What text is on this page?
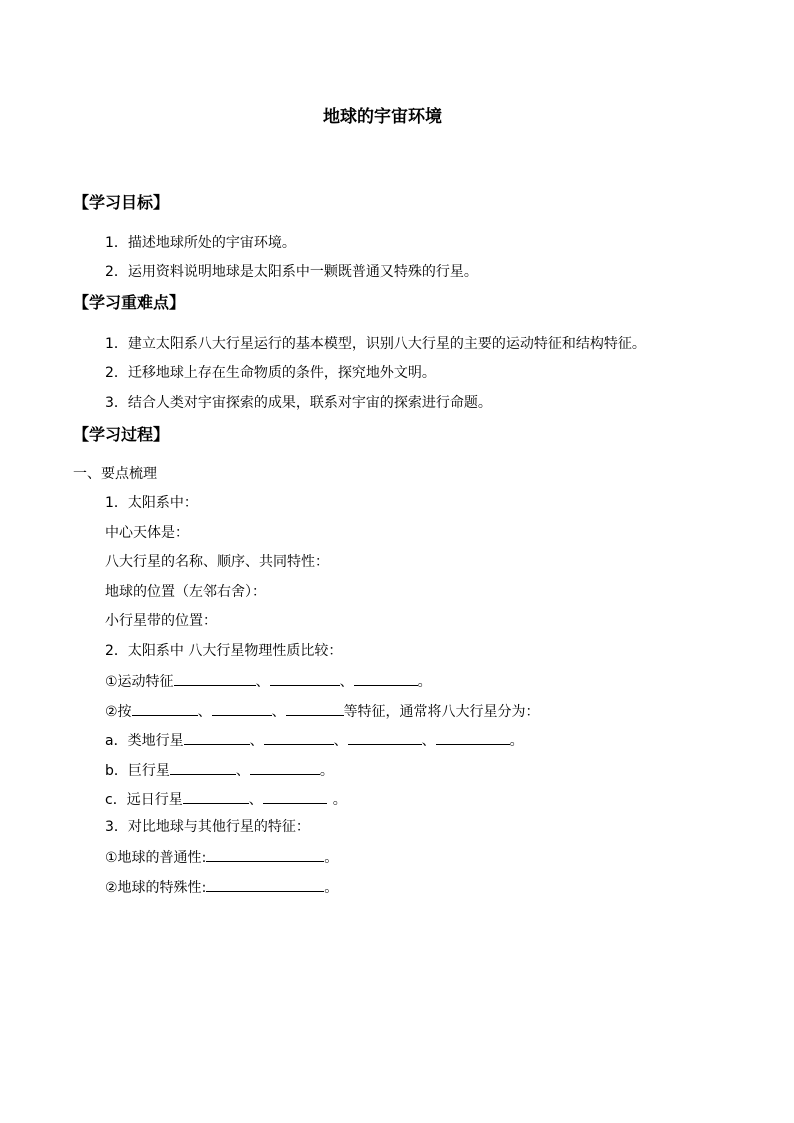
地球的宇宙环境
【学习目标】
1．描述地球所处的宇宙环境。
2．运用资料说明地球是太阳系中一颗既普通又特殊的行星。
【学习重难点】
1．建立太阳系八大行星运行的基本模型，识别八大行星的主要的运动特征和结构特征。
2．迁移地球上存在生命物质的条件，探究地外文明。
3．结合人类对宇宙探索的成果，联系对宇宙的探索进行命题。
【学习过程】
一、要点梳理
1．太阳系中：
中心天体是：
八大行星的名称、顺序、共同特性：
地球的位置（左邻右舍）：
小行星带的位置：
2．太阳系中 八大行星物理性质比较：
①运动特征	、	、	。
②按	、	、	等特征，通常将八大行星分为：
a．类地行星	、	、	、	。
b．巨行星	、	。
c．远日行星	、	。
3．对比地球与其他行星的特征：
①地球的普通性:	。
②地球的特殊性:	。
